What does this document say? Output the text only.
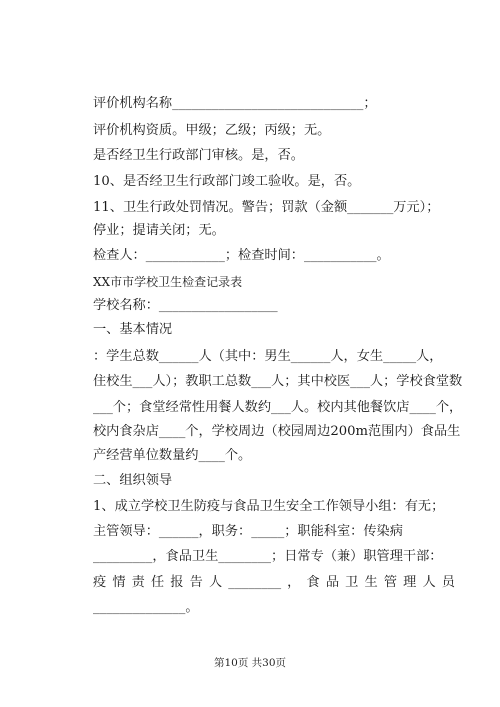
评价机构名称_____________________________；
评价机构资质。甲级；乙级；丙级；无。
是否经卫生行政部门审核。是，否。
10、是否经卫生行政部门竣工验收。是，否。
11、卫生行政处罚情况。警告；罚款（金额_______万元）；
停业；提请关闭；无。
检查人：____________；检查时间：___________。
XX市市学校卫生检查记录表
学校名称：__________________
一、基本情况
：学生总数______人（其中：男生______人，女生_____人，
住校生___人）；教职工总数___人；其中校医___人；学校食堂数
___个；食堂经常性用餐人数约___人。校内其他餐饮店____个，
校内食杂店____个，学校周边（校园周边200m范围内）食品生
产经营单位数量约____个。
二、组织领导
1、成立学校卫生防疫与食品卫生安全工作领导小组：有无；
主管领导：______，职务：_____；职能科室：传染病
_________，食品卫生________；日常专（兼）职管理干部：
疫情责任报告人________，食品卫生管理人员
______________。
第10页 共30页
